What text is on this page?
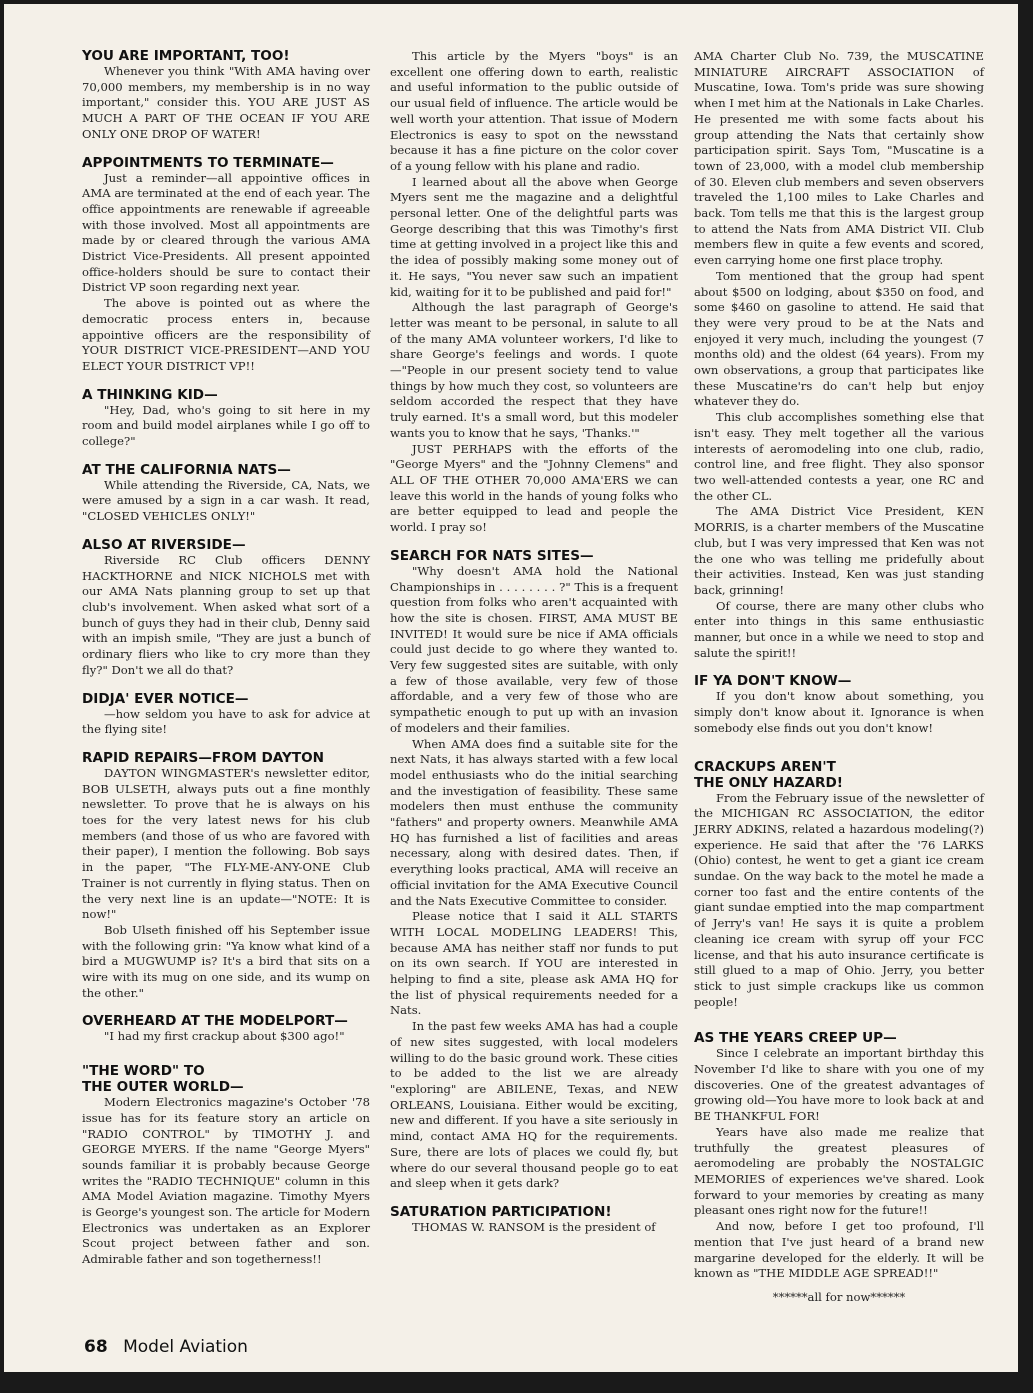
YOU ARE IMPORTANT, TOO!

Whenever you think "With AMA having over 70,000 members, my membership is in no way important," consider this. YOU ARE JUST AS MUCH A PART OF THE OCEAN IF YOU ARE ONLY ONE DROP OF WATER!

APPOINTMENTS TO TERMINATE—

Just a reminder—all appointive offices in AMA are terminated at the end of each year. The office appointments are renewable if agreeable with those involved. Most all appointments are made by or cleared through the various AMA District Vice-Presidents. All present appointed office-holders should be sure to contact their District VP soon regarding next year.

The above is pointed out as where the democratic process enters in, because appointive officers are the responsibility of YOUR DISTRICT VICE-PRESIDENT—AND YOU ELECT YOUR DISTRICT VP!!

A THINKING KID—

"Hey, Dad, who's going to sit here in my room and build model airplanes while I go off to college?"

AT THE CALIFORNIA NATS—

While attending the Riverside, CA, Nats, we were amused by a sign in a car wash. It read, "CLOSED VEHICLES ONLY!"

ALSO AT RIVERSIDE—

Riverside RC Club officers DENNY HACKTHORNE and NICK NICHOLS met with our AMA Nats planning group to set up that club's involvement. When asked what sort of a bunch of guys they had in their club, Denny said with an impish smile, "They are just a bunch of ordinary fliers who like to cry more than they fly?" Don't we all do that?

DIDJA' EVER NOTICE—

—how seldom you have to ask for advice at the flying site!

RAPID REPAIRS—FROM DAYTON

DAYTON WINGMASTER's newsletter editor, BOB ULSETH, always puts out a fine monthly newsletter. To prove that he is always on his toes for the very latest news for his club members (and those of us who are favored with their paper), I mention the following. Bob says in the paper, "The FLY-ME-ANY-ONE Club Trainer is not currently in flying status. Then on the very next line is an update—"NOTE: It is now!"

Bob Ulseth finished off his September issue with the following grin: "Ya know what kind of a bird a MUGWUMP is? It's a bird that sits on a wire with its mug on one side, and its wump on the other."

OVERHEARD AT THE MODELPORT—

"I had my first crackup about $300 ago!"

"THE WORD" TO
THE OUTER WORLD—

Modern Electronics magazine's October '78 issue has for its feature story an article on "RADIO CONTROL" by TIMOTHY J. and GEORGE MYERS. If the name "George Myers" sounds familiar it is probably because George writes the "RADIO TECHNIQUE" column in this AMA Model Aviation magazine. Timothy Myers is George's youngest son. The article for Modern Electronics was undertaken as an Explorer Scout project between father and son. Admirable father and son togetherness!!

This article by the Myers "boys" is an excellent one offering down to earth, realistic and useful information to the public outside of our usual field of influence. The article would be well worth your attention. That issue of Modern Electronics is easy to spot on the newsstand because it has a fine picture on the color cover of a young fellow with his plane and radio.

I learned about all the above when George Myers sent me the magazine and a delightful personal letter. One of the delightful parts was George describing that this was Timothy's first time at getting involved in a project like this and the idea of possibly making some money out of it. He says, "You never saw such an impatient kid, waiting for it to be published and paid for!"

Although the last paragraph of George's letter was meant to be personal, in salute to all of the many AMA volunteer workers, I'd like to share George's feelings and words. I quote—"People in our present society tend to value things by how much they cost, so volunteers are seldom accorded the respect that they have truly earned. It's a small word, but this modeler wants you to know that he says, 'Thanks.'"

JUST PERHAPS with the efforts of the "George Myers" and the "Johnny Clemens" and ALL OF THE OTHER 70,000 AMA'ERS we can leave this world in the hands of young folks who are better equipped to lead and people the world. I pray so!

SEARCH FOR NATS SITES—

"Why doesn't AMA hold the National Championships in . . . . . . . . ?" This is a frequent question from folks who aren't acquainted with how the site is chosen. FIRST, AMA MUST BE INVITED! It would sure be nice if AMA officials could just decide to go where they wanted to. Very few suggested sites are suitable, with only a few of those available, very few of those affordable, and a very few of those who are sympathetic enough to put up with an invasion of modelers and their families.

When AMA does find a suitable site for the next Nats, it has always started with a few local model enthusiasts who do the initial searching and the investigation of feasibility. These same modelers then must enthuse the community "fathers" and property owners. Meanwhile AMA HQ has furnished a list of facilities and areas necessary, along with desired dates. Then, if everything looks practical, AMA will receive an official invitation for the AMA Executive Council and the Nats Executive Committee to consider.

Please notice that I said it ALL STARTS WITH LOCAL MODELING LEADERS! This, because AMA has neither staff nor funds to put on its own search. If YOU are interested in helping to find a site, please ask AMA HQ for the list of physical requirements needed for a Nats.

In the past few weeks AMA has had a couple of new sites suggested, with local modelers willing to do the basic ground work. These cities to be added to the list we are already "exploring" are ABILENE, Texas, and NEW ORLEANS, Louisiana. Either would be exciting, new and different. If you have a site seriously in mind, contact AMA HQ for the requirements. Sure, there are lots of places we could fly, but where do our several thousand people go to eat and sleep when it gets dark?

SATURATION PARTICIPATION!

THOMAS W. RANSOM is the president of

AMA Charter Club No. 739, the MUSCATINE MINIATURE AIRCRAFT ASSOCIATION of Muscatine, Iowa. Tom's pride was sure showing when I met him at the Nationals in Lake Charles. He presented me with some facts about his group attending the Nats that certainly show participation spirit. Says Tom, "Muscatine is a town of 23,000, with a model club membership of 30. Eleven club members and seven observers traveled the 1,100 miles to Lake Charles and back. Tom tells me that this is the largest group to attend the Nats from AMA District VII. Club members flew in quite a few events and scored, even carrying home one first place trophy.

Tom mentioned that the group had spent about $500 on lodging, about $350 on food, and some $460 on gasoline to attend. He said that they were very proud to be at the Nats and enjoyed it very much, including the youngest (7 months old) and the oldest (64 years). From my own observations, a group that participates like these Muscatine'rs do can't help but enjoy whatever they do.

This club accomplishes something else that isn't easy. They melt together all the various interests of aeromodeling into one club, radio, control line, and free flight. They also sponsor two well-attended contests a year, one RC and the other CL.

The AMA District Vice President, KEN MORRIS, is a charter members of the Muscatine club, but I was very impressed that Ken was not the one who was telling me pridefully about their activities. Instead, Ken was just standing back, grinning!

Of course, there are many other clubs who enter into things in this same enthusiastic manner, but once in a while we need to stop and salute the spirit!!

IF YA DON'T KNOW—

If you don't know about something, you simply don't know about it. Ignorance is when somebody else finds out you don't know!

CRACKUPS AREN'T
THE ONLY HAZARD!

From the February issue of the newsletter of the MICHIGAN RC ASSOCIATION, the editor JERRY ADKINS, related a hazardous modeling(?) experience. He said that after the '76 LARKS (Ohio) contest, he went to get a giant ice cream sundae. On the way back to the motel he made a corner too fast and the entire contents of the giant sundae emptied into the map compartment of Jerry's van! He says it is quite a problem cleaning ice cream with syrup off your FCC license, and that his auto insurance certificate is still glued to a map of Ohio. Jerry, you better stick to just simple crackups like us common people!

AS THE YEARS CREEP UP—

Since I celebrate an important birthday this November I'd like to share with you one of my discoveries. One of the greatest advantages of growing old—You have more to look back at and BE THANKFUL FOR!

Years have also made me realize that truthfully the greatest pleasures of aeromodeling are probably the NOSTALGIC MEMORIES of experiences we've shared. Look forward to your memories by creating as many pleasant ones right now for the future!!

And now, before I get too profound, I'll mention that I've just heard of a brand new margarine developed for the elderly. It will be known as "THE MIDDLE AGE SPREAD!!"

******all for now******

68 Model Aviation
